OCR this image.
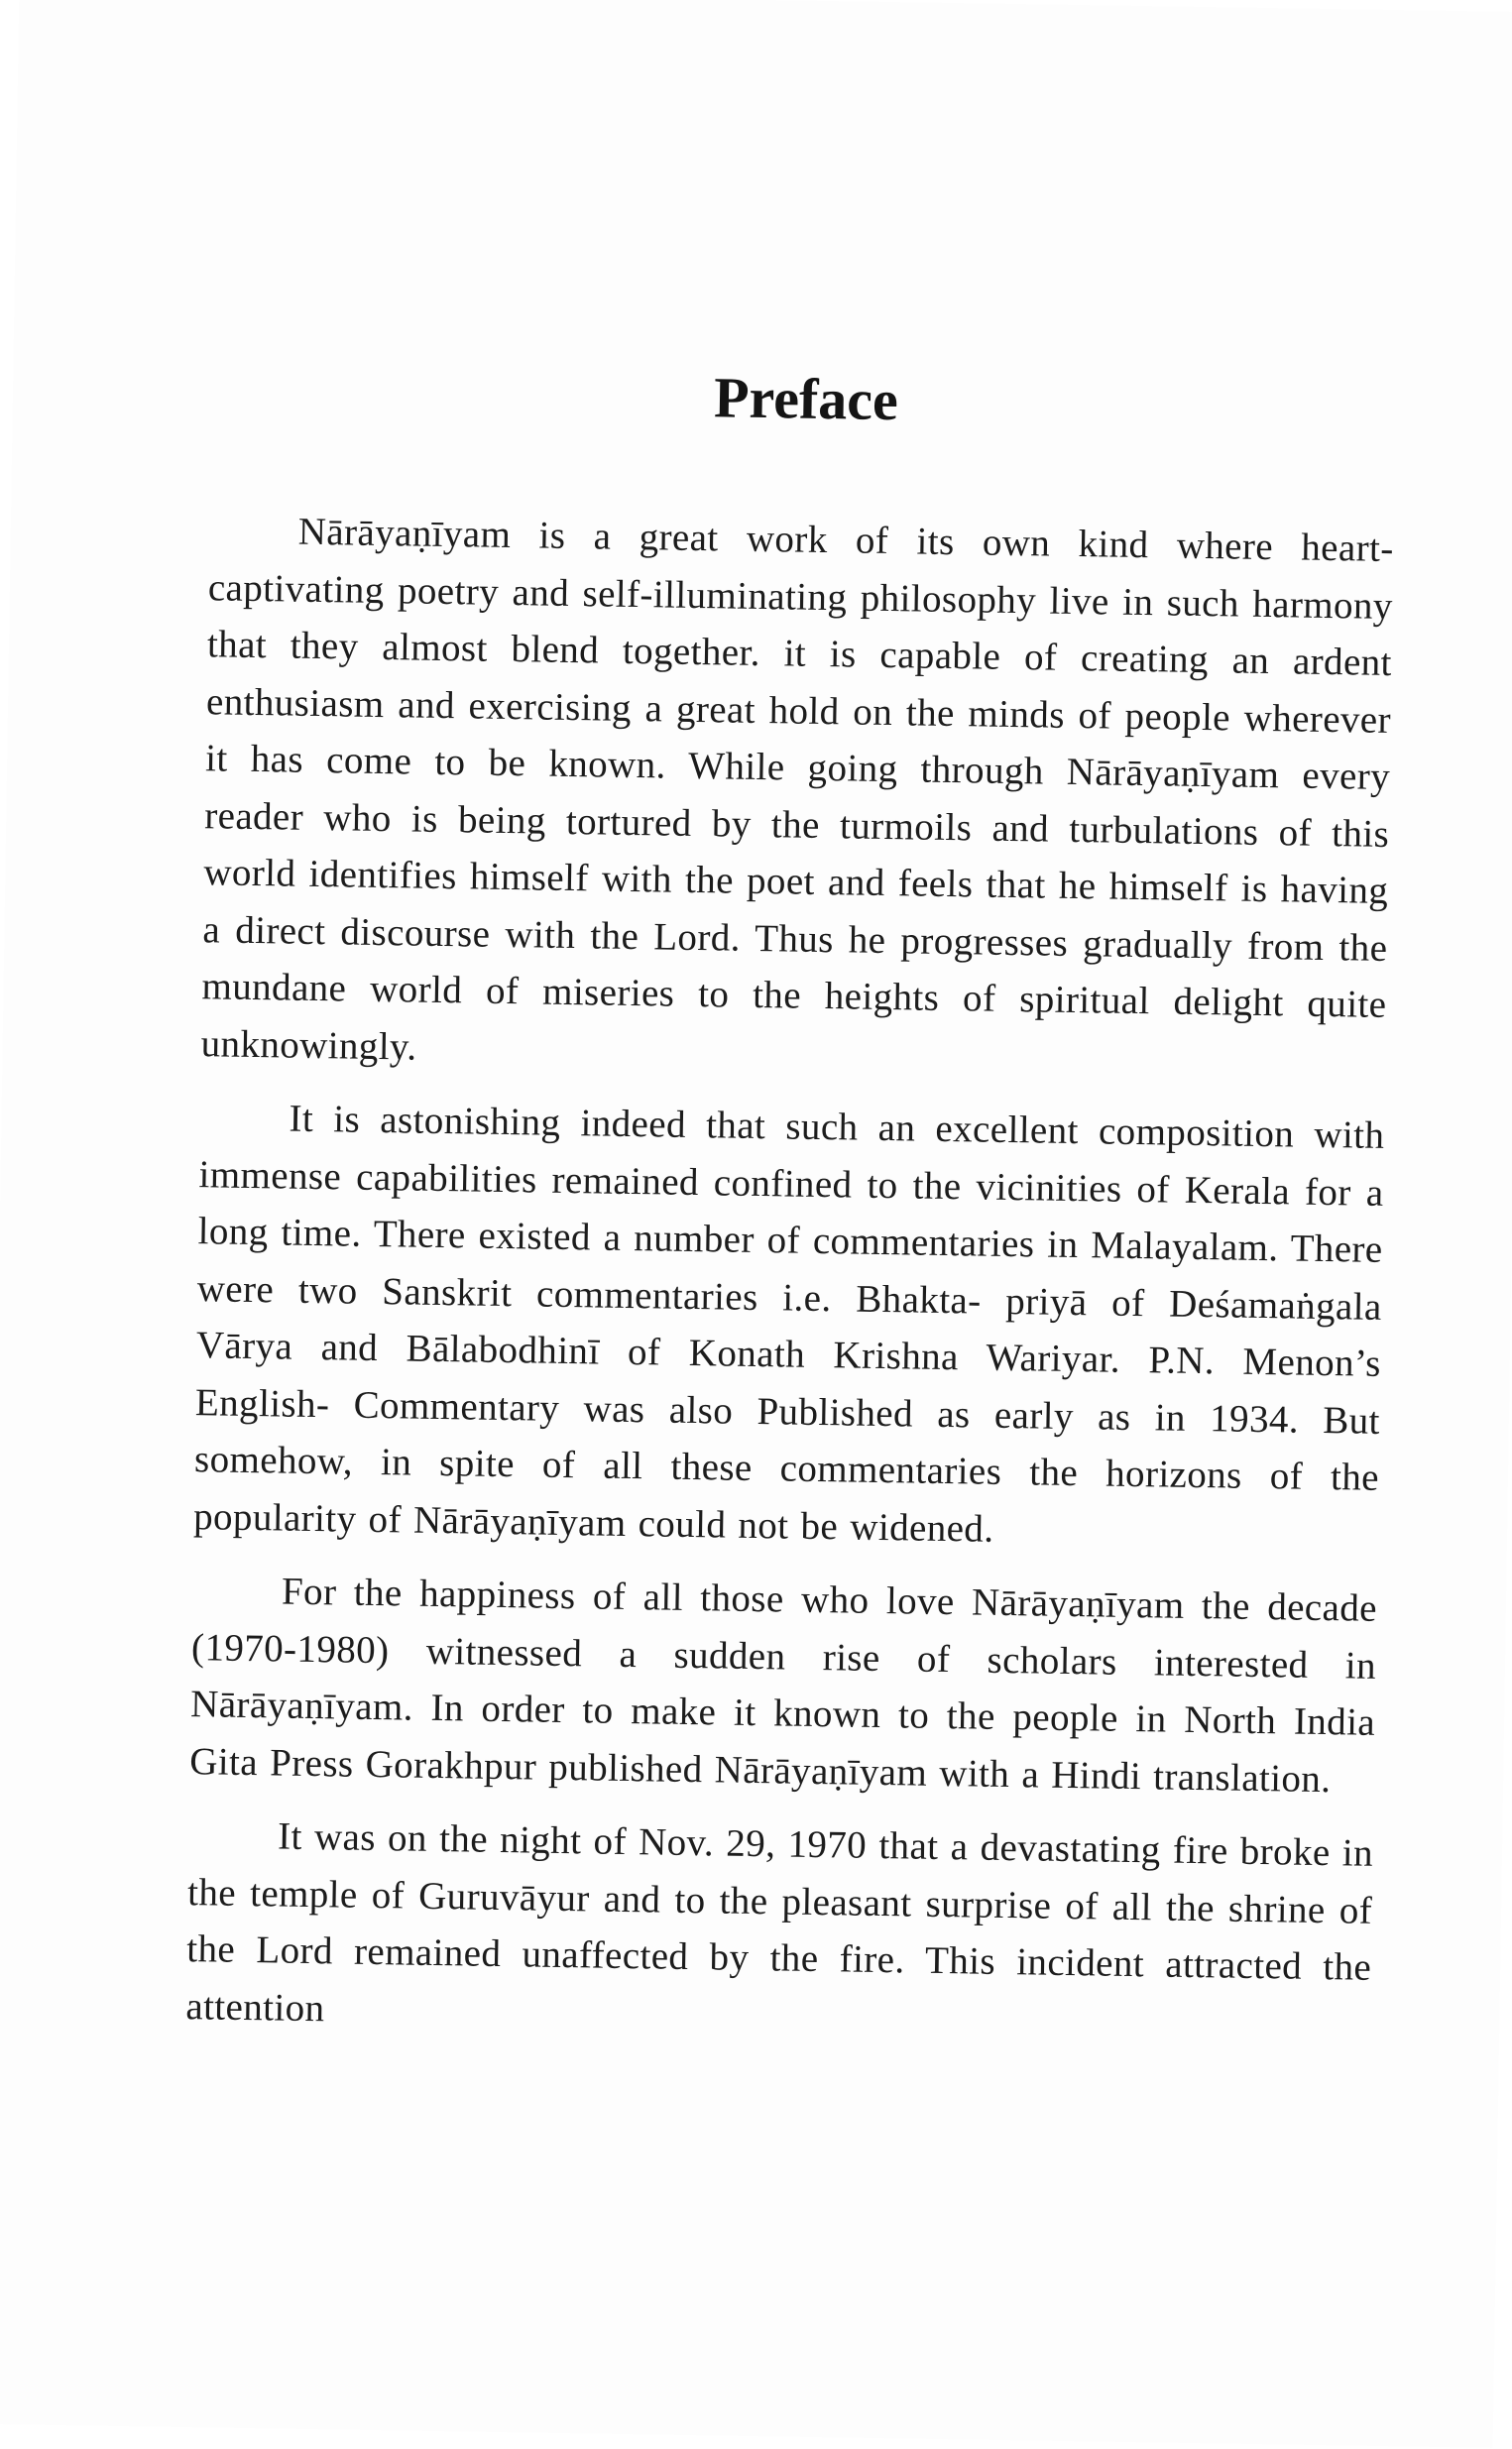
Preface

Nārāyaṇīyam is a great work of its own kind where heart-captivating poetry and self-illuminating philosophy live in such harmony that they almost blend together. it is capable of creating an ardent enthusiasm and exercising a great hold on the minds of people wherever it has come to be known. While going through Nārāyaṇīyam every reader who is being tortured by the turmoils and turbulations of this world identifies himself with the poet and feels that he himself is having a direct discourse with the Lord. Thus he progresses gradually from the mundane world of miseries to the heights of spiritual delight quite unknowingly.

It is astonishing indeed that such an excellent composition with immense capabilities remained confined to the vicinities of Kerala for a long time. There existed a number of commentaries in Malayalam. There were two Sanskrit commentaries i.e. Bhakta- priyā of Deśamaṅgala Vārya and Bālabodhinī of Konath Krishna Wariyar. P.N. Menon’s English- Commentary was also Published as early as in 1934. But somehow, in spite of all these commentaries the horizons of the popularity of Nārāyaṇīyam could not be widened.

For the happiness of all those who love Nārāyaṇīyam the decade (1970-1980) witnessed a sudden rise of scholars interested in Nārāyaṇīyam. In order to make it known to the people in North India Gita Press Gorakhpur published Nārāyaṇīyam with a Hindi translation.

It was on the night of Nov. 29, 1970 that a devastating fire broke in the temple of Guruvāyur and to the pleasant surprise of all the shrine of the Lord remained unaffected by the fire. This incident attracted the attention
